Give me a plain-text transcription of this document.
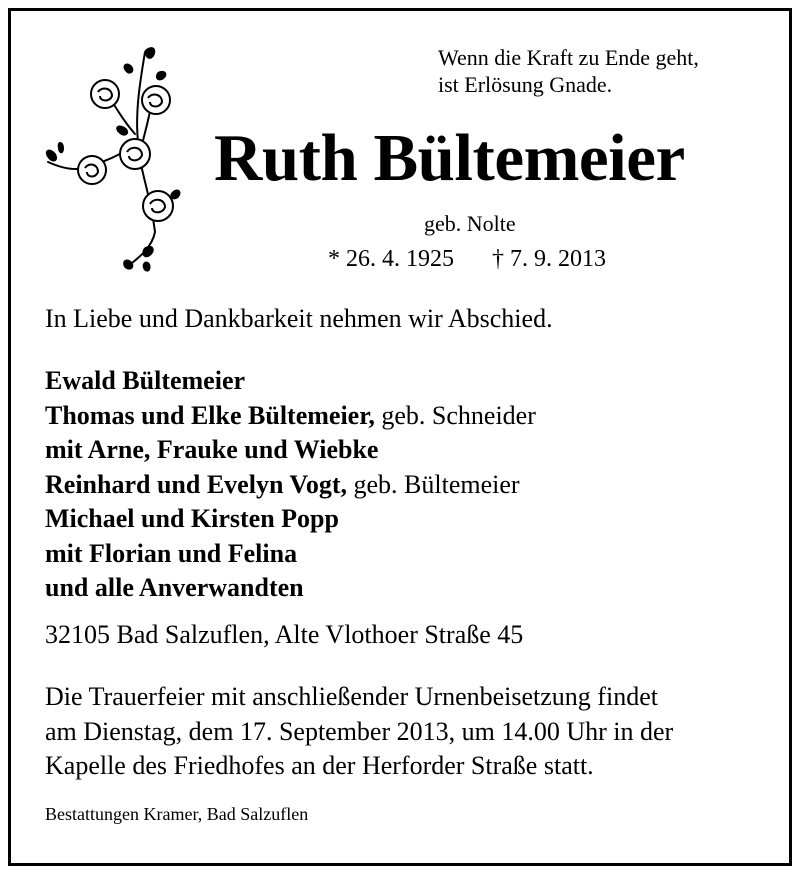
Wenn die Kraft zu Ende geht,
ist Erlösung Gnade.
Ruth Bültemeier
geb. Nolte
* 26. 4. 1925 † 7. 9. 2013
In Liebe und Dankbarkeit nehmen wir Abschied.
Ewald Bültemeier
Thomas und Elke Bültemeier, geb. Schneider
mit Arne, Frauke und Wiebke
Reinhard und Evelyn Vogt, geb. Bültemeier
Michael und Kirsten Popp
mit Florian und Felina
und alle Anverwandten
32105 Bad Salzuflen, Alte Vlothoer Straße 45
Die Trauerfeier mit anschließender Urnenbeisetzung findet
am Dienstag, dem 17. September 2013, um 14.00 Uhr in der
Kapelle des Friedhofes an der Herforder Straße statt.
Bestattungen Kramer, Bad Salzuflen
